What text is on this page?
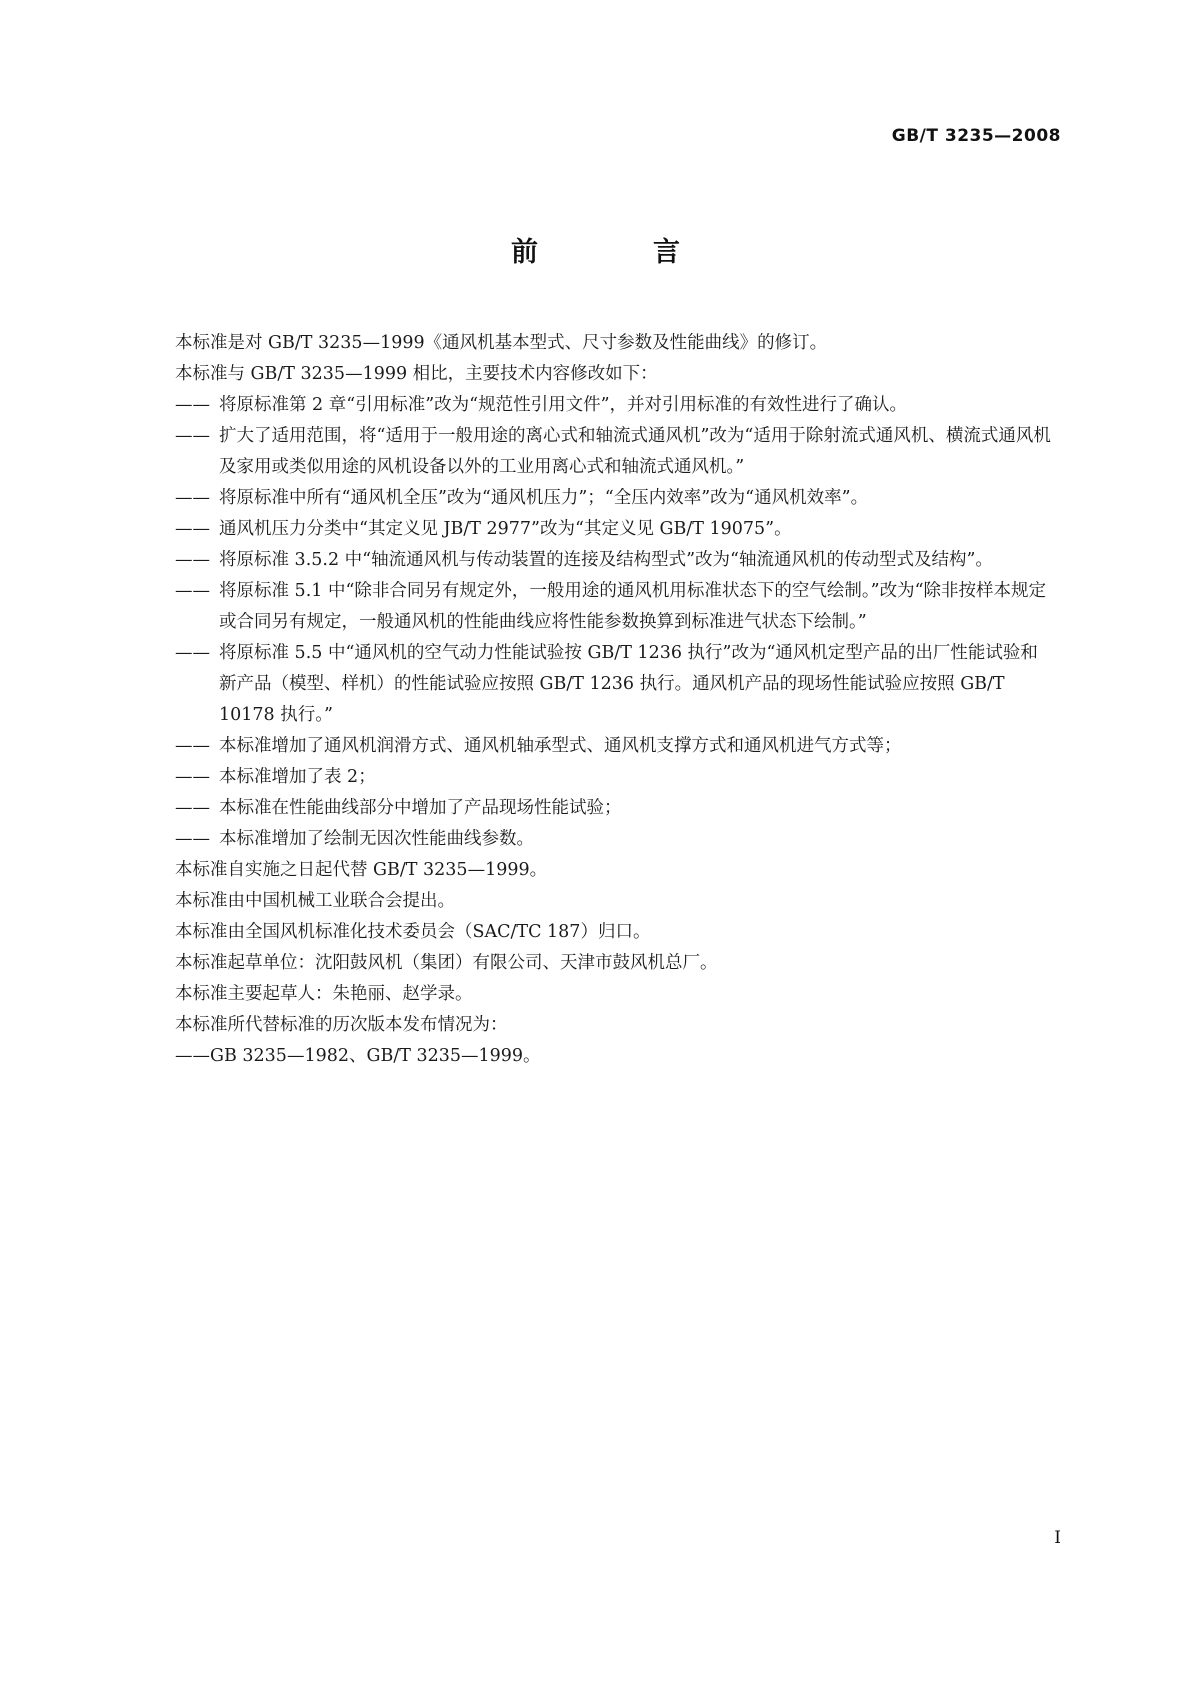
GB/T 3235—2008
前　言

本标准是对 GB/T 3235—1999《通风机基本型式、尺寸参数及性能曲线》的修订。

本标准与 GB/T 3235—1999 相比，主要技术内容修改如下：

—— 将原标准第 2 章“引用标准”改为“规范性引用文件”，并对引用标准的有效性进行了确认。

—— 扩大了适用范围，将“适用于一般用途的离心式和轴流式通风机”改为“适用于除射流式通风机、横流式通风机及家用或类似用途的风机设备以外的工业用离心式和轴流式通风机。”

—— 将原标准中所有“通风机全压”改为“通风机压力”；“全压内效率”改为“通风机效率”。

—— 通风机压力分类中“其定义见 JB/T 2977”改为“其定义见 GB/T 19075”。

—— 将原标准 3.5.2 中“轴流通风机与传动装置的连接及结构型式”改为“轴流通风机的传动型式及结构”。

—— 将原标准 5.1 中“除非合同另有规定外，一般用途的通风机用标准状态下的空气绘制。”改为“除非按样本规定或合同另有规定，一般通风机的性能曲线应将性能参数换算到标准进气状态下绘制。”

—— 将原标准 5.5 中“通风机的空气动力性能试验按 GB/T 1236 执行”改为“通风机定型产品的出厂性能试验和新产品（模型、样机）的性能试验应按照 GB/T 1236 执行。通风机产品的现场性能试验应按照 GB/T 10178 执行。”

—— 本标准增加了通风机润滑方式、通风机轴承型式、通风机支撑方式和通风机进气方式等；

—— 本标准增加了表 2；

—— 本标准在性能曲线部分中增加了产品现场性能试验；

—— 本标准增加了绘制无因次性能曲线参数。

本标准自实施之日起代替 GB/T 3235—1999。

本标准由中国机械工业联合会提出。

本标准由全国风机标准化技术委员会（SAC/TC 187）归口。

本标准起草单位：沈阳鼓风机（集团）有限公司、天津市鼓风机总厂。

本标准主要起草人：朱艳丽、赵学录。

本标准所代替标准的历次版本发布情况为：

——GB 3235—1982、GB/T 3235—1999。

I
